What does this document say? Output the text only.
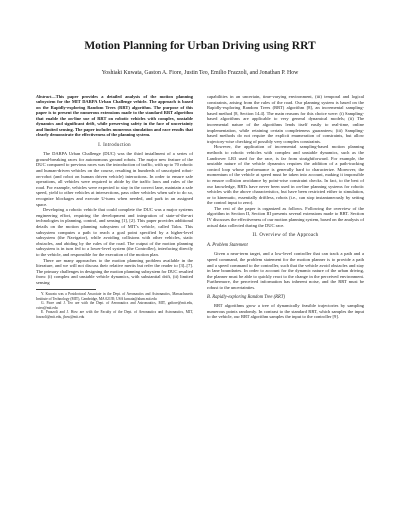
Motion Planning for Urban Driving using RRT
Yoshiaki Kuwata, Gaston A. Fiore, Justin Teo, Emilio Frazzoli, and Jonathan P. How

Abstract—This paper provides a detailed analysis of the motion planning subsystem for the MIT DARPA Urban Challenge vehicle. The approach is based on the Rapidly-exploring Random Trees (RRT) algorithm. The purpose of this paper is to present the numerous extensions made to the standard RRT algorithm that enable the on-line use of RRT on robotic vehicles with complex, unstable dynamics and significant drift, while preserving safety in the face of uncertainty and limited sensing. The paper includes numerous simulation and race results that clearly demonstrate the effectiveness of the planning system.

I. Introduction

The DARPA Urban Challenge (DUC) was the third installment of a series of ground-breaking races for autonomous ground robots. The major new feature of the DUC compared to previous races was the introduction of traffic, with up to 70 robotic and human-driven vehicles on the course, resulting in hundreds of unscripted robot-on-robot (and robot on human driven vehicle) interactions. In order to ensure safe operations, all vehicles were required to abide by the traffic laws and rules of the road. For example, vehicles were expected to stay in the correct lane, maintain a safe speed, yield to other vehicles at intersections, pass other vehicles when safe to do so, recognize blockages and execute U-turns when needed, and park in an assigned space.

Developing a robotic vehicle that could complete the DUC was a major systems engineering effort, requiring the development and integration of state-of-the-art technologies in planning, control, and sensing [1], [2]. This paper provides additional details on the motion planning subsystem of MIT's vehicle, called Talos. This subsystem computes a path to reach a goal point specified by a higher-level subsystem (the Navigator), while avoiding collisions with other vehicles, static obstacles, and abiding by the rules of the road. The output of the motion planning subsystem is in turn fed to a lower-level system (the Controller), interfacing directly to the vehicle, and responsible for the execution of the motion plan.

There are many approaches to the motion planning problem available in the literature, and we will not discuss their relative merits but refer the reader to [3]–[7]. The primary challenges in designing the motion planning subsystem for DUC resulted from: (i) complex and unstable vehicle dynamics, with substantial drift, (ii) limited sensing

Y. Kuwata was a Postdoctoral Associate in the Dept. of Aeronautics and Astronautics, Massachusetts Institute of Technology (MIT), Cambridge, MA 02139, USA kuwata@alum.mit.edu

G. Fiore and J. Teo are with the Dept. of Aeronautics and Astronautics, MIT, gafiore@mit.edu, csteo@mit.edu

E. Frazzoli and J. How are with the Faculty of the Dept. of Aeronautics and Astronautics, MIT, frazzoli@mit.edu, jhow@mit.edu

capabilities in an uncertain, time-varying environment, (iii) temporal and logical constraints, arising from the rules of the road. Our planning system is based on the Rapidly-exploring Random Trees (RRT) algorithm [8], an incremental sampling-based method [8, Section 14.4]. The main reasons for this choice were: (i) Sampling-based algorithms are applicable to very general dynamical models; (ii) The incremental nature of the algorithms lends itself easily to real-time, online implementation, while retaining certain completeness guarantees; (iii) Sampling-based methods do not require the explicit enumeration of constraints, but allow trajectory-wise checking of possibly very complex constraints.

However, the application of incremental sampling-based motion planning methods to robotic vehicles with complex and unstable dynamics, such as the Landrover LR3 used for the race, is far from straightforward. For example, the unstable nature of the vehicle dynamics requires the addition of a path-tracking control loop whose performance is generally hard to characterize. Moreover, the momentum of the vehicle at speed must be taken into account, making it impossible to ensure collision avoidance by point-wise constraint checks. In fact, to the best of our knowledge, RRTs have never been used in on-line planning systems for robotic vehicles with the above characteristics, but have been restricted either to simulation, or to kinematic, essentially driftless, robots (i.e., can stop instantaneously by setting the control input to zero).

The rest of the paper is organized as follows. Following the overview of the algorithm in Section II, Section III presents several extensions made to RRT. Section IV discusses the effectiveness of our motion planning system, based on the analysis of actual data collected during the DUC race.

II. Overview of the Approach
A. Problem Statement

Given a near-term target, and a low-level controller that can track a path and a speed command, the problem statement for the motion planner is to provide a path and a speed command to the controller, such that the vehicle avoid obstacles and stay in lane boundaries. In order to account for the dynamic nature of the urban driving, the planner must be able to quickly react to the change in the perceived environment. Furthermore, the perceived information has inherent noise, and the RRT must be robust to the uncertainties.

B. Rapidly-exploring Random Tree (RRT)

RRT algorithms grow a tree of dynamically feasible trajectories by sampling numerous points randomly. In contrast to the standard RRT, which samples the input to the vehicle, our RRT algorithm samples the input to the controller [9].
